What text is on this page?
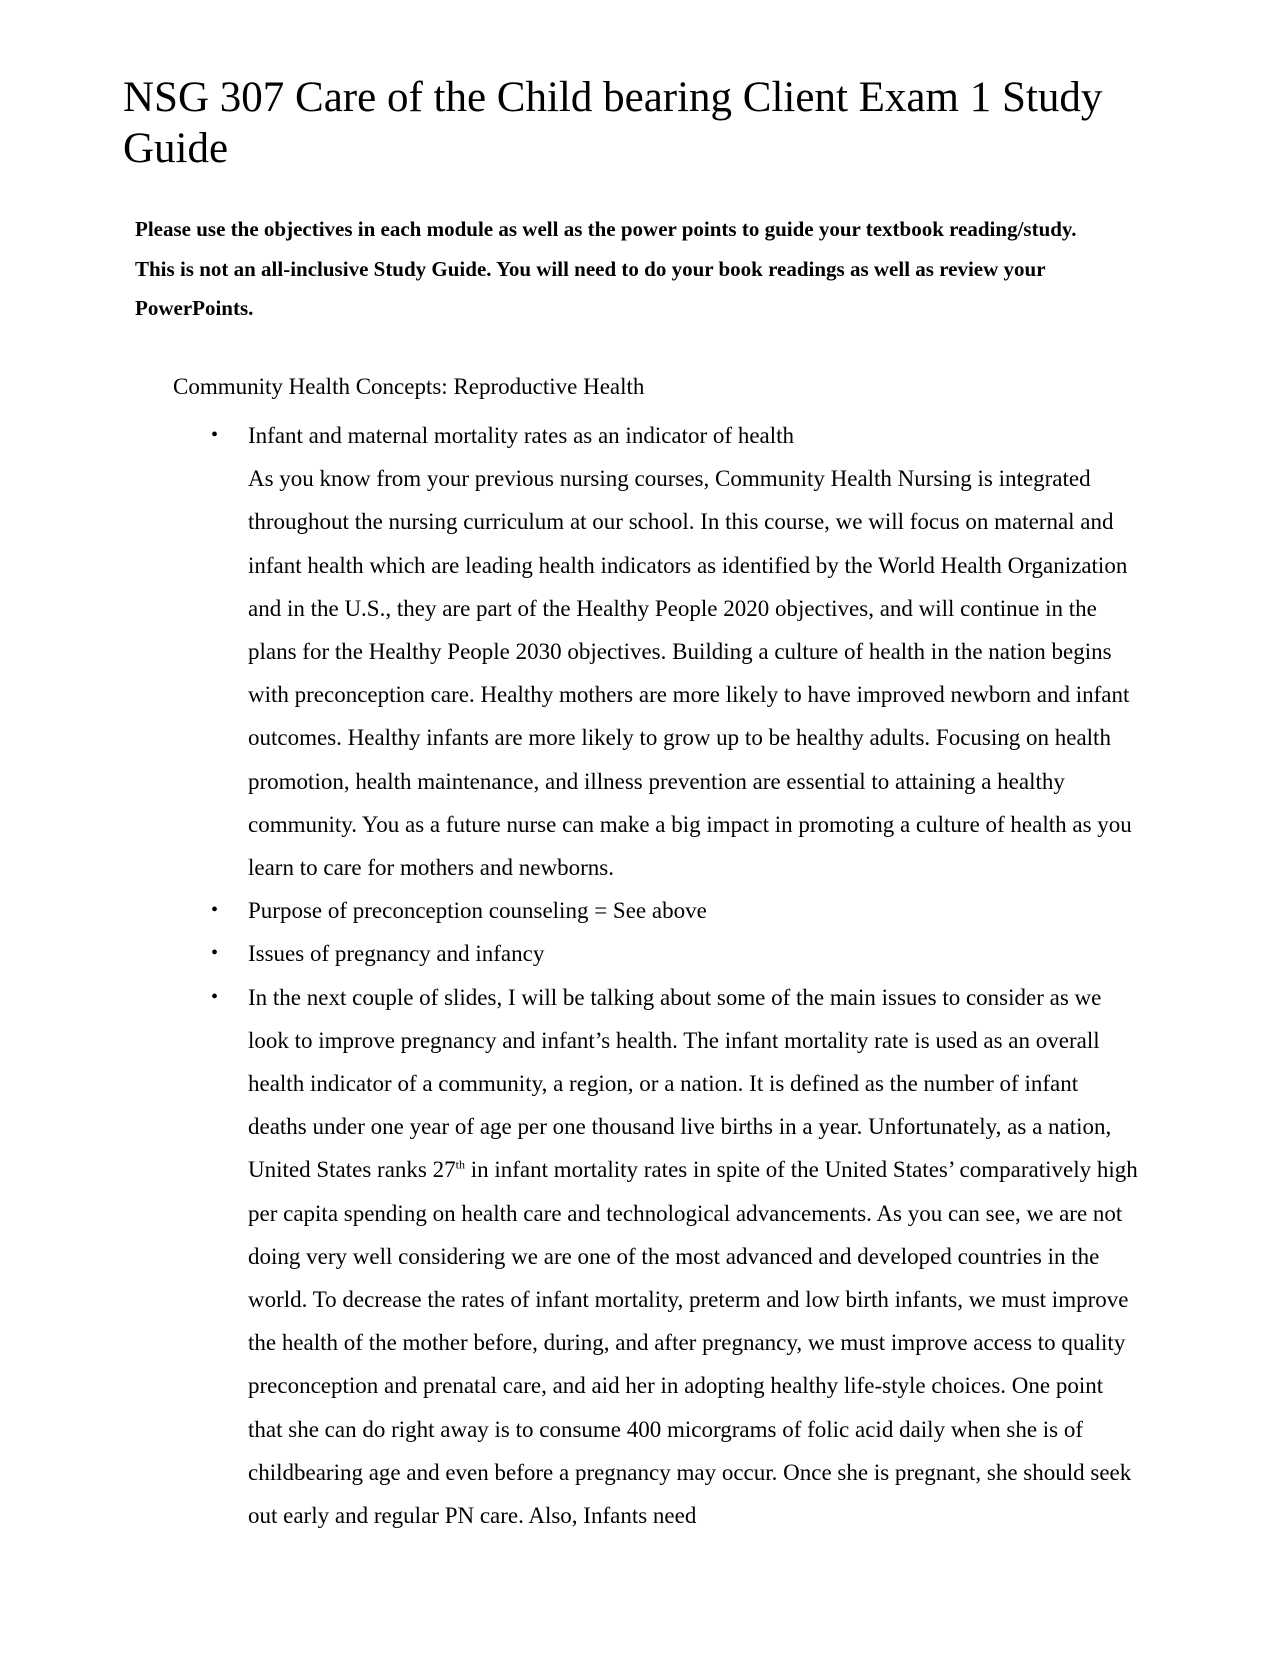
NSG 307 Care of the Child bearing Client Exam 1 Study Guide

Please use the objectives in each module as well as the power points to guide your textbook reading/study. This is not an all-inclusive Study Guide. You will need to do your book readings as well as review your PowerPoints.

Community Health Concepts: Reproductive Health
• Infant and maternal mortality rates as an indicator of health
As you know from your previous nursing courses, Community Health Nursing is integrated throughout the nursing curriculum at our school. In this course, we will focus on maternal and infant health which are leading health indicators as identified by the World Health Organization and in the U.S., they are part of the Healthy People 2020 objectives, and will continue in the plans for the Healthy People 2030 objectives. Building a culture of health in the nation begins with preconception care. Healthy mothers are more likely to have improved newborn and infant outcomes. Healthy infants are more likely to grow up to be healthy adults. Focusing on health promotion, health maintenance, and illness prevention are essential to attaining a healthy community. You as a future nurse can make a big impact in promoting a culture of health as you learn to care for mothers and newborns.
• Purpose of preconception counseling = See above
• Issues of pregnancy and infancy
• In the next couple of slides, I will be talking about some of the main issues to consider as we look to improve pregnancy and infant’s health. The infant mortality rate is used as an overall health indicator of a community, a region, or a nation. It is defined as the number of infant deaths under one year of age per one thousand live births in a year. Unfortunately, as a nation, United States ranks 27th in infant mortality rates in spite of the United States’ comparatively high per capita spending on health care and technological advancements. As you can see, we are not doing very well considering we are one of the most advanced and developed countries in the world. To decrease the rates of infant mortality, preterm and low birth infants, we must improve the health of the mother before, during, and after pregnancy, we must improve access to quality preconception and prenatal care, and aid her in adopting healthy life-style choices. One point that she can do right away is to consume 400 micorgrams of folic acid daily when she is of childbearing age and even before a pregnancy may occur. Once she is pregnant, she should seek out early and regular PN care. Also, Infants need
